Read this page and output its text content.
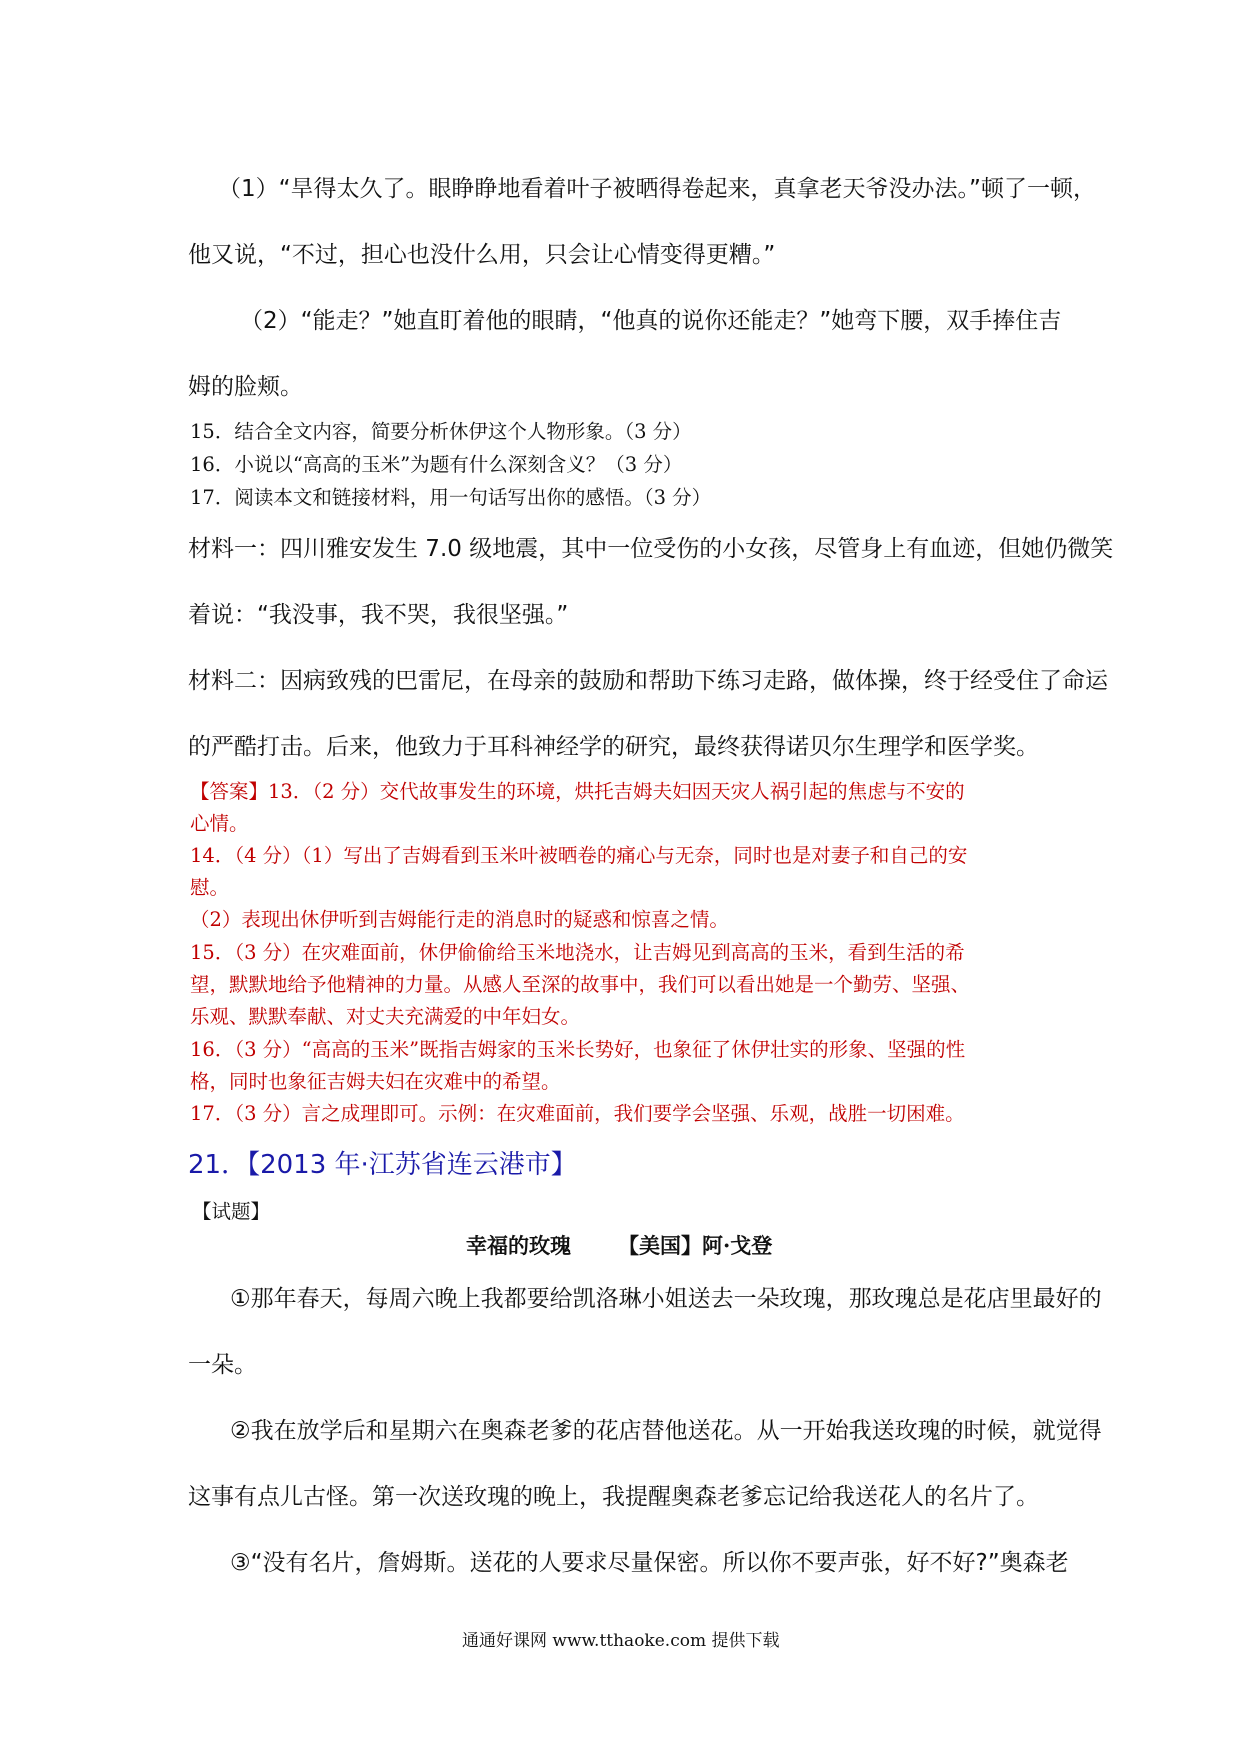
（1）“旱得太久了。眼睁睁地看着叶子被晒得卷起来，真拿老天爷没办法。”顿了一顿，
他又说，“不过，担心也没什么用，只会让心情变得更糟。”
（2）“能走？”她直盯着他的眼睛，“他真的说你还能走？”她弯下腰，双手捧住吉
姆的脸颊。
15．结合全文内容，简要分析休伊这个人物形象。（3 分）
16．小说以“高高的玉米”为题有什么深刻含义？（3 分）
17．阅读本文和链接材料，用一句话写出你的感悟。（3 分）
材料一：四川雅安发生 7.0 级地震，其中一位受伤的小女孩，尽管身上有血迹，但她仍微笑
着说：“我没事，我不哭，我很坚强。”
材料二：因病致残的巴雷尼，在母亲的鼓励和帮助下练习走路，做体操，终于经受住了命运
的严酷打击。后来，他致力于耳科神经学的研究，最终获得诺贝尔生理学和医学奖。
【答案】13．（2 分）交代故事发生的环境，烘托吉姆夫妇因天灾人祸引起的焦虑与不安的
心情。
14．（4 分）（1）写出了吉姆看到玉米叶被晒卷的痛心与无奈，同时也是对妻子和自己的安
慰。
（2）表现出休伊听到吉姆能行走的消息时的疑惑和惊喜之情。
15．（3 分）在灾难面前，休伊偷偷给玉米地浇水，让吉姆见到高高的玉米，看到生活的希
望，默默地给予他精神的力量。从感人至深的故事中，我们可以看出她是一个勤劳、坚强、
乐观、默默奉献、对丈夫充满爱的中年妇女。
16．（3 分）“高高的玉米”既指吉姆家的玉米长势好，也象征了休伊壮实的形象、坚强的性
格，同时也象征吉姆夫妇在灾难中的希望。
17．（3 分）言之成理即可。示例：在灾难面前，我们要学会坚强、乐观，战胜一切困难。
21．【2013 年·江苏省连云港市】
【试题】
幸福的玫瑰 【美国】阿·戈登
①那年春天，每周六晚上我都要给凯洛琳小姐送去一朵玫瑰，那玫瑰总是花店里最好的
一朵。
②我在放学后和星期六在奥森老爹的花店替他送花。从一开始我送玫瑰的时候，就觉得
这事有点儿古怪。第一次送玫瑰的晚上，我提醒奥森老爹忘记给我送花人的名片了。
③“没有名片，詹姆斯。送花的人要求尽量保密。所以你不要声张，好不好?”奥森老
通通好课网 www.tthaoke.com 提供下载
